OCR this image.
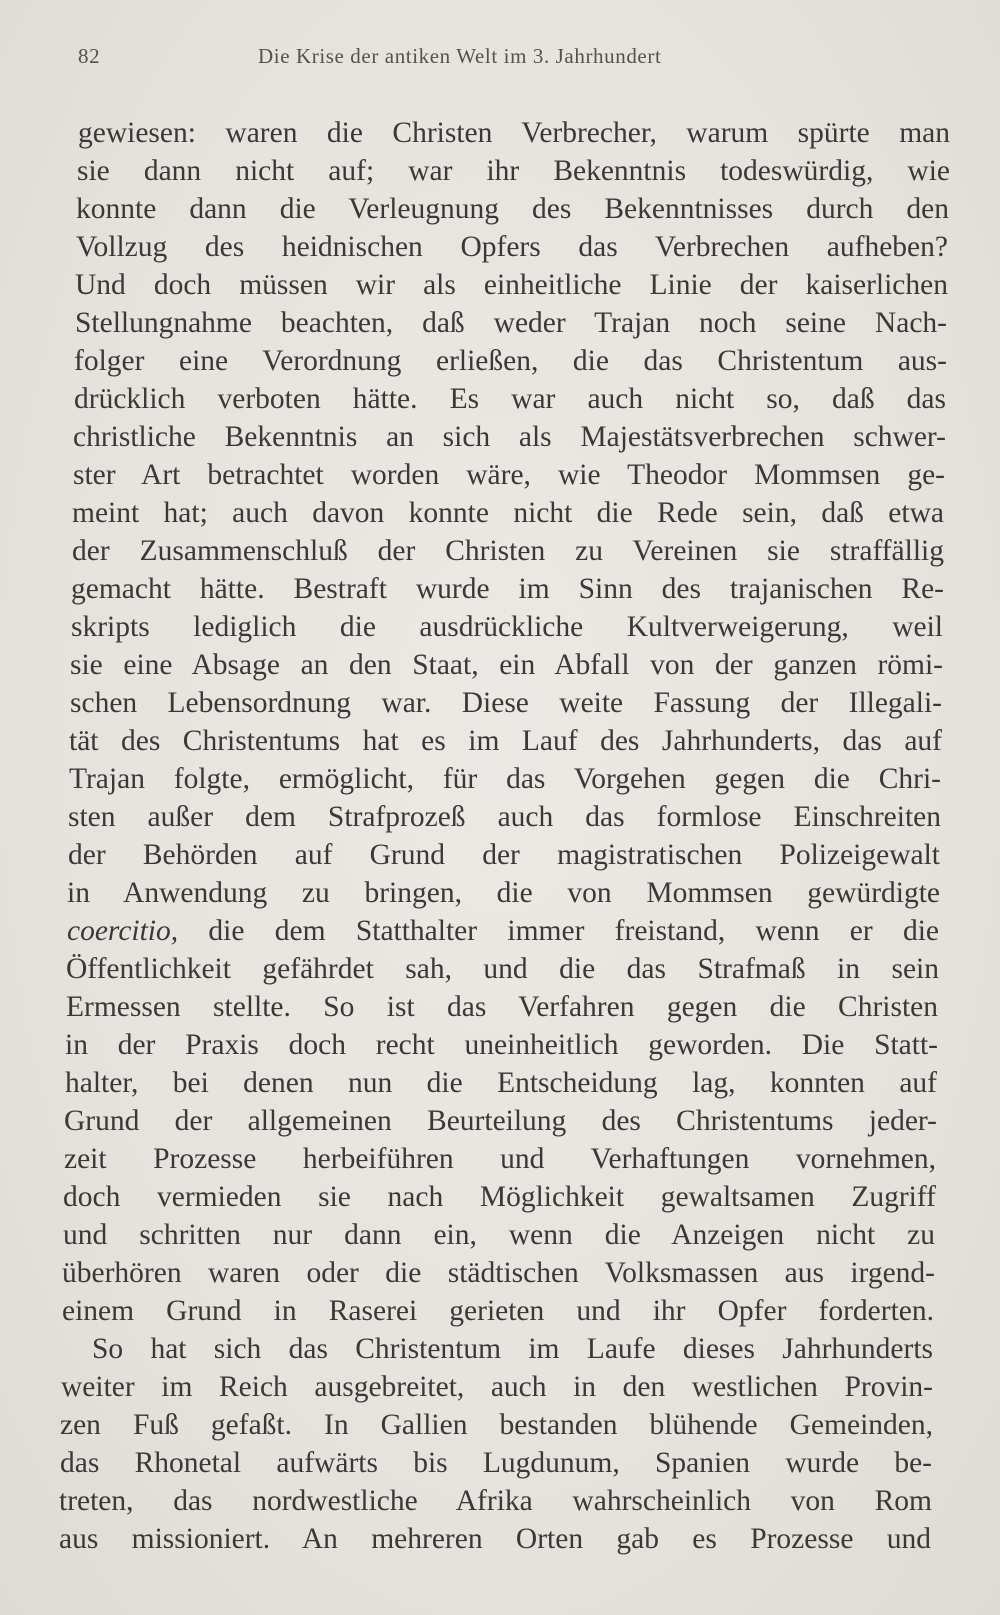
82	Die Krise der antiken Welt im 3. Jahrhundert
gewiesen: waren die Christen Verbrecher, warum spürte man
sie dann nicht auf; war ihr Bekenntnis todeswürdig, wie
konnte dann die Verleugnung des Bekenntnisses durch den
Vollzug des heidnischen Opfers das Verbrechen aufheben?
Und doch müssen wir als einheitliche Linie der kaiserlichen
Stellungnahme beachten, daß weder Trajan noch seine Nach-
folger eine Verordnung erließen, die das Christentum aus-
drücklich verboten hätte. Es war auch nicht so, daß das
christliche Bekenntnis an sich als Majestätsverbrechen schwer-
ster Art betrachtet worden wäre, wie Theodor Mommsen ge-
meint hat; auch davon konnte nicht die Rede sein, daß etwa
der Zusammenschluß der Christen zu Vereinen sie straffällig
gemacht hätte. Bestraft wurde im Sinn des trajanischen Re-
skripts lediglich die ausdrückliche Kultverweigerung, weil
sie eine Absage an den Staat, ein Abfall von der ganzen römi-
schen Lebensordnung war. Diese weite Fassung der Illegali-
tät des Christentums hat es im Lauf des Jahrhunderts, das auf
Trajan folgte, ermöglicht, für das Vorgehen gegen die Chri-
sten außer dem Strafprozeß auch das formlose Einschreiten
der Behörden auf Grund der magistratischen Polizeigewalt
in Anwendung zu bringen, die von Mommsen gewürdigte
coercitio, die dem Statthalter immer freistand, wenn er die
Öffentlichkeit gefährdet sah, und die das Strafmaß in sein
Ermessen stellte. So ist das Verfahren gegen die Christen
in der Praxis doch recht uneinheitlich geworden. Die Statt-
halter, bei denen nun die Entscheidung lag, konnten auf
Grund der allgemeinen Beurteilung des Christentums jeder-
zeit Prozesse herbeiführen und Verhaftungen vornehmen,
doch vermieden sie nach Möglichkeit gewaltsamen Zugriff
und schritten nur dann ein, wenn die Anzeigen nicht zu
überhören waren oder die städtischen Volksmassen aus irgend-
einem Grund in Raserei gerieten und ihr Opfer forderten.
So hat sich das Christentum im Laufe dieses Jahrhunderts
weiter im Reich ausgebreitet, auch in den westlichen Provin-
zen Fuß gefaßt. In Gallien bestanden blühende Gemeinden,
das Rhonetal aufwärts bis Lugdunum, Spanien wurde be-
treten, das nordwestliche Afrika wahrscheinlich von Rom
aus missioniert. An mehreren Orten gab es Prozesse und
